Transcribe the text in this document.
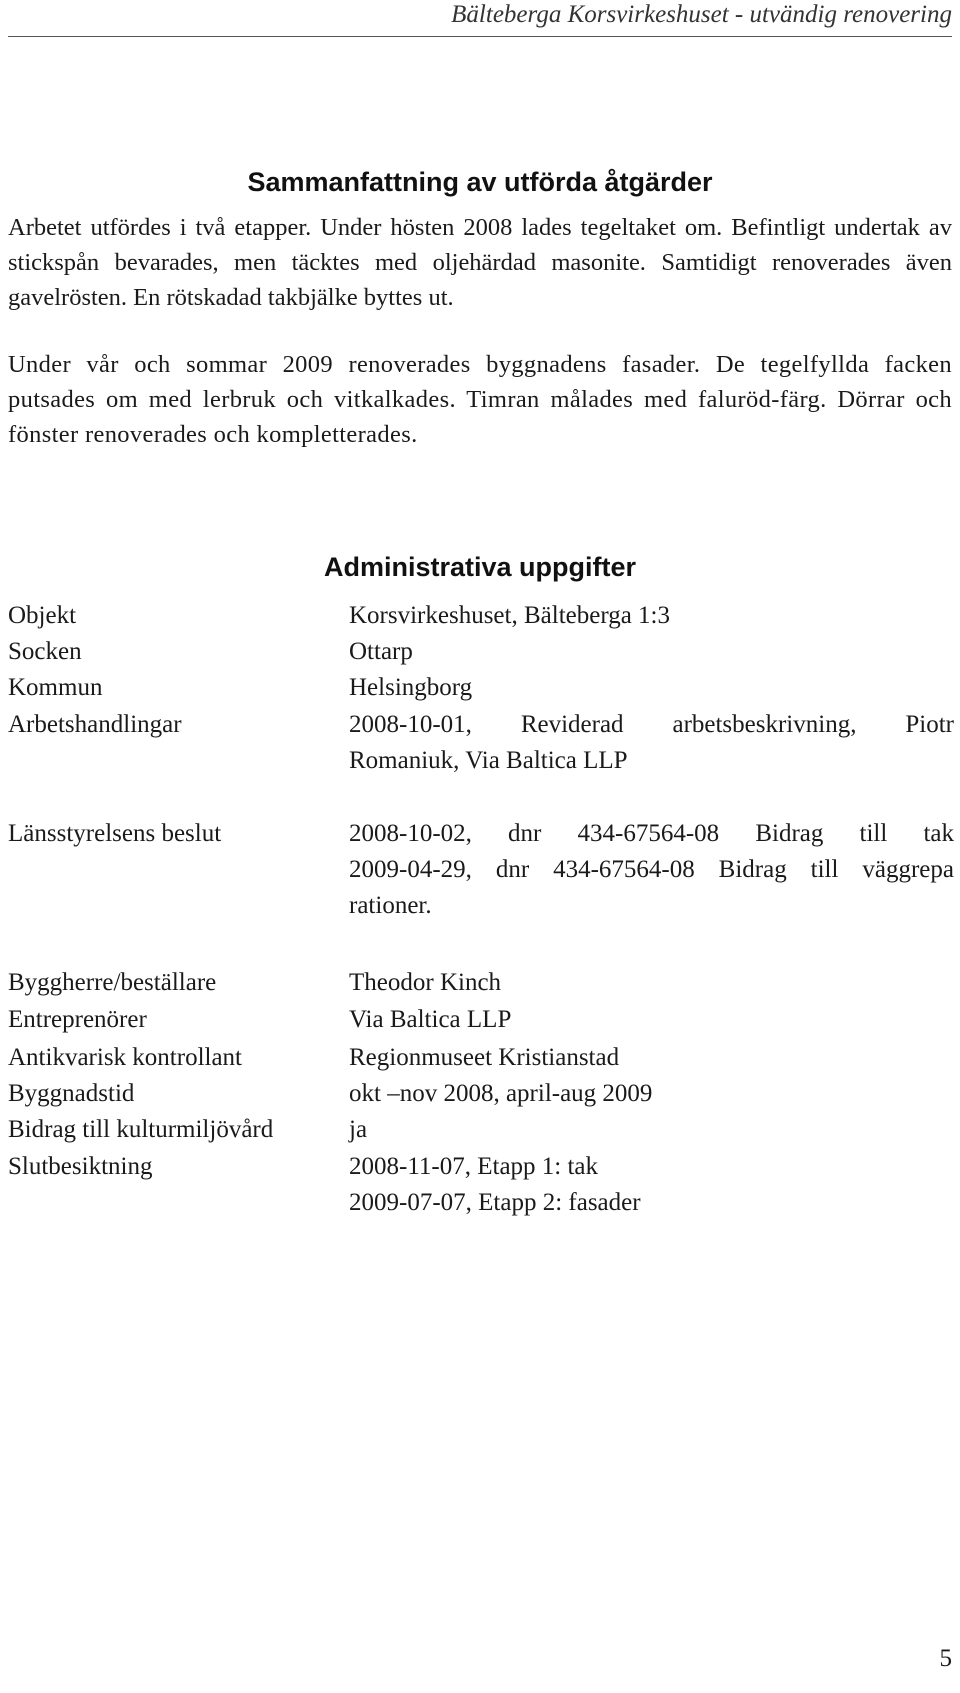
Bälteberga Korsvirkeshuset - utvändig renovering
Sammanfattning av utförda åtgärder

Arbetet utfördes i två etapper. Under hösten 2008 lades tegeltaket om. Befintligt undertak av stickspån bevarades, men täcktes med oljehärdad masonite. Samtidigt renoverades även gavelrösten. En rötskadad takbjälke byttes ut.

Under vår och sommar 2009 renoverades byggnadens fasader. De tegelfyllda facken putsades om med lerbruk och vitkalkades. Timran målades med faluröd-färg. Dörrar och fönster renoverades och kompletterades.

Administrativa uppgifter
Objekt	Korsvirkeshuset, Bälteberga 1:3
Socken	Ottarp
Kommun	Helsingborg
Arbetshandlingar	2008-10-01, Reviderad arbetsbeskrivning, Piotr
Romaniuk, Via Baltica LLP
Länsstyrelsens beslut	2008-10-02, dnr 434-67564-08 Bidrag till tak
2009-04-29, dnr 434-67564-08 Bidrag till väggrepa
rationer.
Byggherre/beställare	Theodor Kinch
Entreprenörer	Via Baltica LLP
Antikvarisk kontrollant	Regionmuseet Kristianstad
Byggnadstid	okt –nov 2008, april-aug 2009
Bidrag till kulturmiljövård	ja
Slutbesiktning	2008-11-07, Etapp 1: tak
2009-07-07, Etapp 2: fasader
5
